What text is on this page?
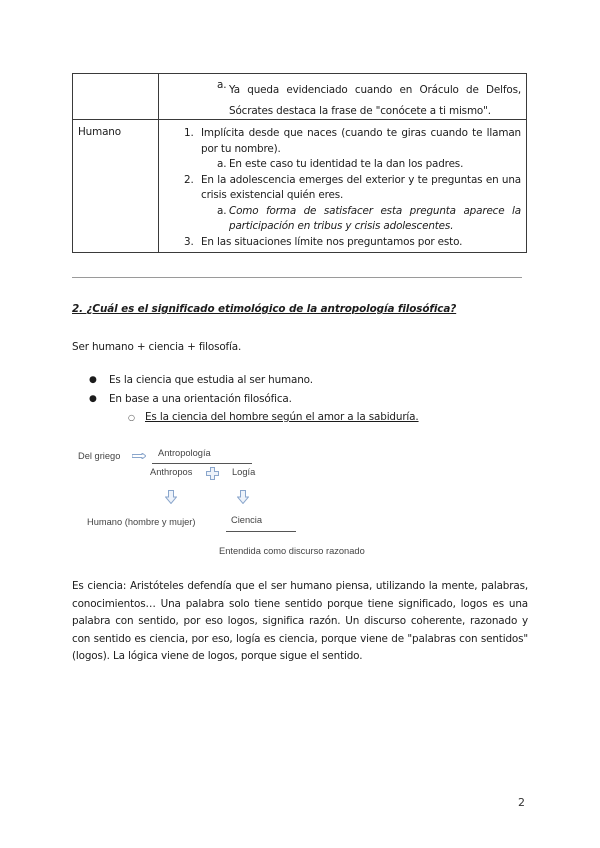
	a. Ya queda evidenciado cuando en Oráculo de Delfos, Sócrates destaca la frase de "conócete a ti mismo".

Humano	1. Implícita desde que naces (cuando te giras cuando te llaman por tu nombre).
a. En este caso tu identidad te la dan los padres.
2. En la adolescencia emerges del exterior y te preguntas en una crisis existencial quién eres.
a. Como forma de satisfacer esta pregunta aparece la participación en tribus y crisis adolescentes.
3. En las situaciones límite nos preguntamos por esto.
2. ¿Cuál es el significado etimológico de la antropología filosófica?
Ser humano + ciencia + filosofía.
● Es la ciencia que estudia al ser humano.
● En base a una orientación filosófica.
○ Es la ciencia del hombre según el amor a la sabiduría.
Del griego	Antropología
Anthropos	Logía
Humano (hombre y mujer)	Ciencia
Entendida como discurso razonado
Es ciencia: Aristóteles defendía que el ser humano piensa, utilizando la mente, palabras, conocimientos… Una palabra solo tiene sentido porque tiene significado, logos es una palabra con sentido, por eso logos, significa razón. Un discurso coherente, razonado y con sentido es ciencia, por eso, logía es ciencia, porque viene de "palabras con sentidos" (logos). La lógica viene de logos, porque sigue el sentido.
2
